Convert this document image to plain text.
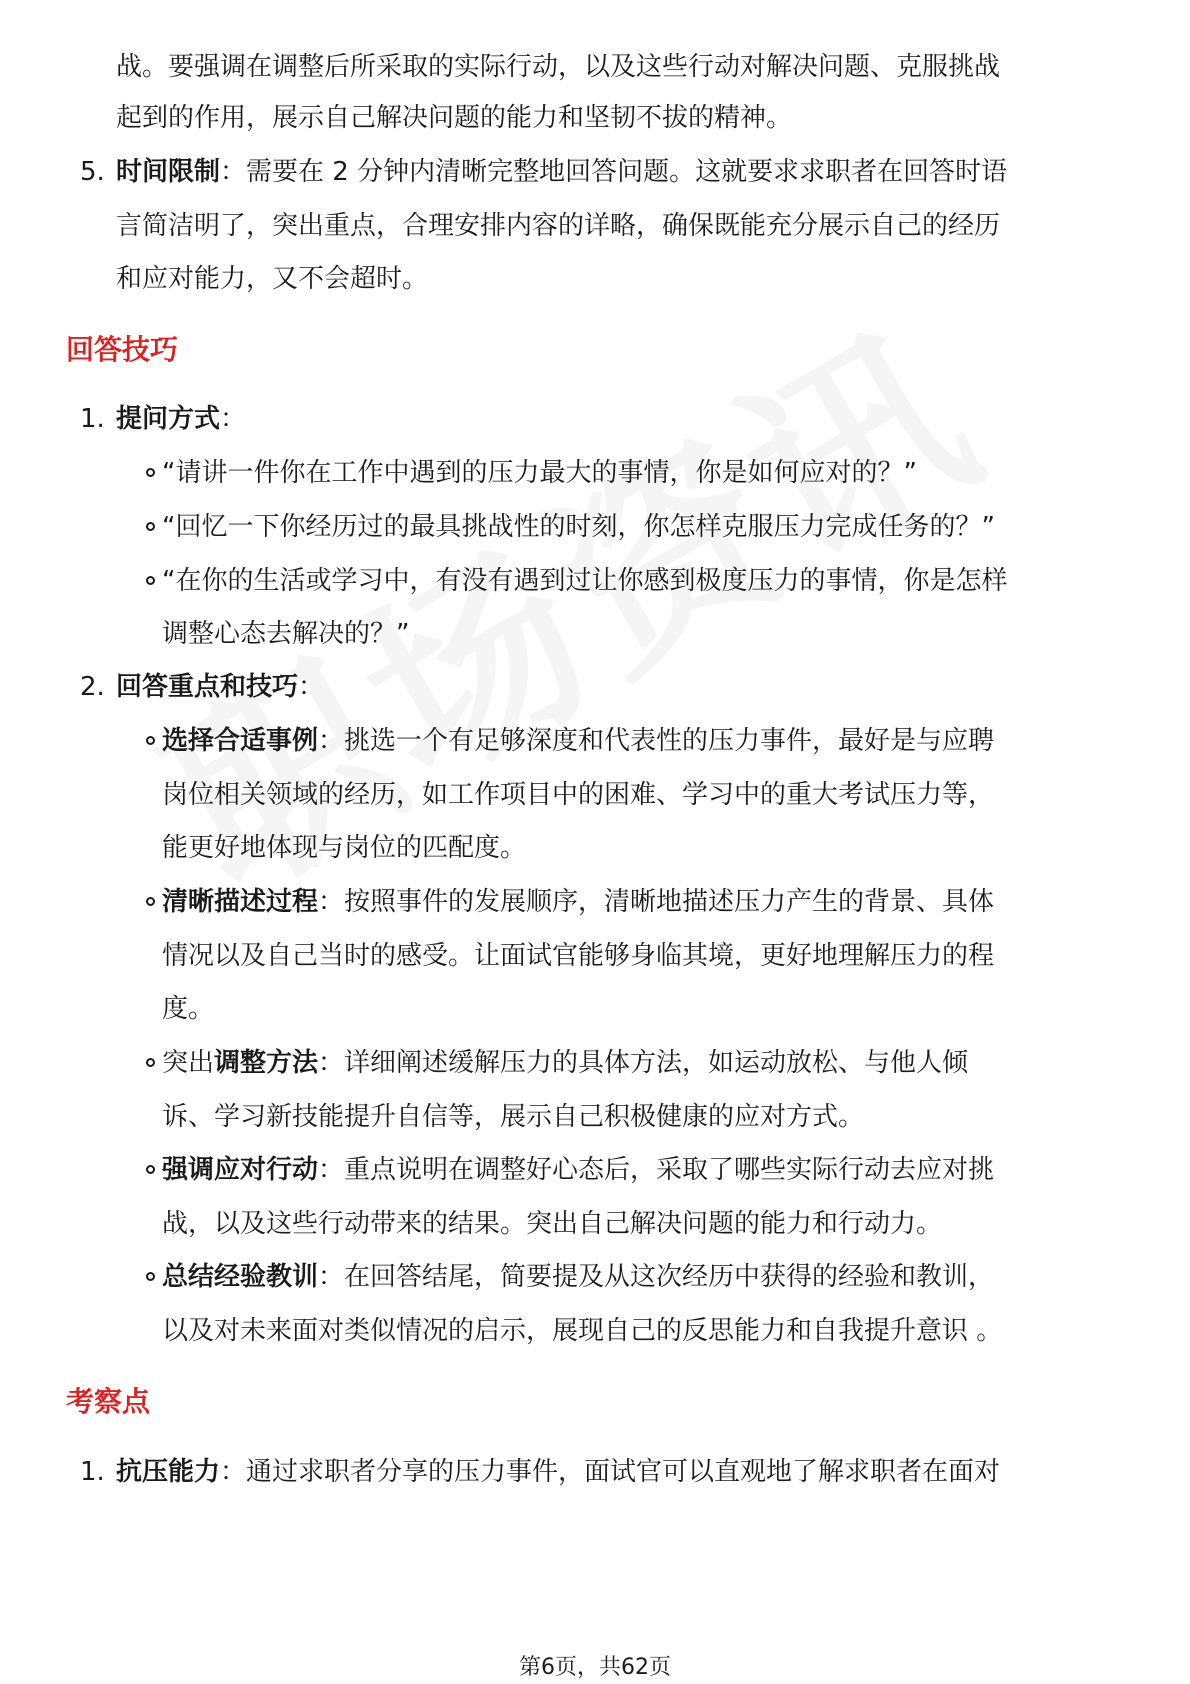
战。要强调在调整后所采取的实际行动，以及这些行动对解决问题、克服挑战
起到的作用，展示自己解决问题的能力和坚韧不拔的精神。
5. 时间限制：需要在 2 分钟内清晰完整地回答问题。这就要求求职者在回答时语
言简洁明了，突出重点，合理安排内容的详略，确保既能充分展示自己的经历
和应对能力，又不会超时。
回答技巧
1. 提问方式：
“请讲一件你在工作中遇到的压力最大的事情，你是如何应对的？”
“回忆一下你经历过的最具挑战性的时刻，你怎样克服压力完成任务的？”
“在你的生活或学习中，有没有遇到过让你感到极度压力的事情，你是怎样
调整心态去解决的？”
2. 回答重点和技巧：
选择合适事例：挑选一个有足够深度和代表性的压力事件，最好是与应聘
岗位相关领域的经历，如工作项目中的困难、学习中的重大考试压力等，
能更好地体现与岗位的匹配度。
清晰描述过程：按照事件的发展顺序，清晰地描述压力产生的背景、具体
情况以及自己当时的感受。让面试官能够身临其境，更好地理解压力的程
度。
突出调整方法：详细阐述缓解压力的具体方法，如运动放松、与他人倾
诉、学习新技能提升自信等，展示自己积极健康的应对方式。
强调应对行动：重点说明在调整好心态后，采取了哪些实际行动去应对挑
战，以及这些行动带来的结果。突出自己解决问题的能力和行动力。
总结经验教训：在回答结尾，简要提及从这次经历中获得的经验和教训，
以及对未来面对类似情况的启示，展现自己的反思能力和自我提升意识 。
考察点
1. 抗压能力：通过求职者分享的压力事件，面试官可以直观地了解求职者在面对
第6页，共62页
